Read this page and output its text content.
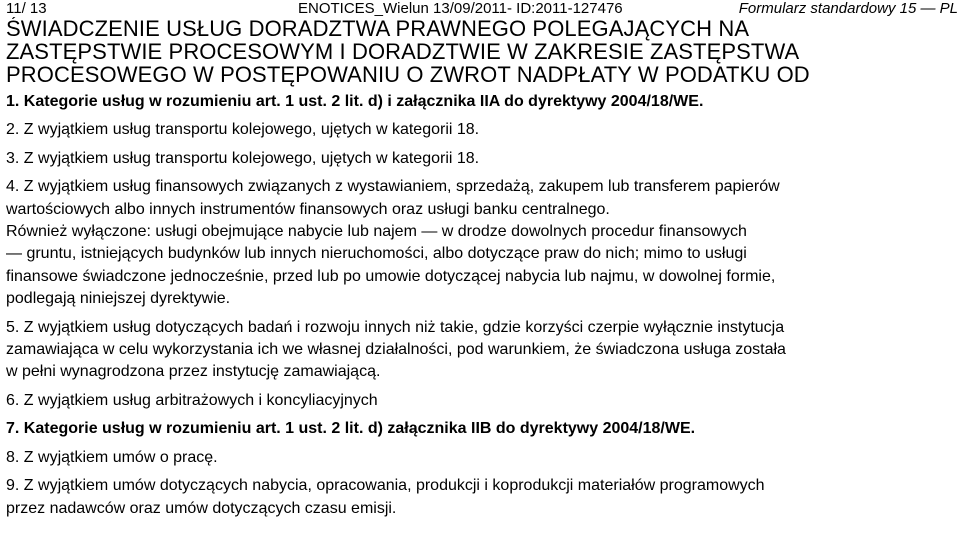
11/ 13	ENOTICES_Wielun 13/09/2011- ID:2011-127476	Formularz standardowy 15 — PL
ŚWIADCZENIE USŁUG DORADZTWA PRAWNEGO POLEGAJĄCYCH NA
ZASTĘPSTWIE PROCESOWYM I DORADZTWIE W ZAKRESIE ZASTĘPSTWA
PROCESOWEGO W POSTĘPOWANIU O ZWROT NADPŁATY W PODATKU OD

1. Kategorie usług w rozumieniu art. 1 ust. 2 lit. d) i załącznika IIA do dyrektywy 2004/18/WE.

2. Z wyjątkiem usług transportu kolejowego, ujętych w kategorii 18.

3. Z wyjątkiem usług transportu kolejowego, ujętych w kategorii 18.

4. Z wyjątkiem usług finansowych związanych z wystawianiem, sprzedażą, zakupem lub transferem papierów
wartościowych albo innych instrumentów finansowych oraz usługi banku centralnego.
Również wyłączone: usługi obejmujące nabycie lub najem — w drodze dowolnych procedur finansowych
— gruntu, istniejących budynków lub innych nieruchomości, albo dotyczące praw do nich; mimo to usługi
finansowe świadczone jednocześnie, przed lub po umowie dotyczącej nabycia lub najmu, w dowolnej formie,
podlegają niniejszej dyrektywie.
5. Z wyjątkiem usług dotyczących badań i rozwoju innych niż takie, gdzie korzyści czerpie wyłącznie instytucja
zamawiająca w celu wykorzystania ich we własnej działalności, pod warunkiem, że świadczona usługa została
w pełni wynagrodzona przez instytucję zamawiającą.

6. Z wyjątkiem usług arbitrażowych i koncyliacyjnych

7. Kategorie usług w rozumieniu art. 1 ust. 2 lit. d) załącznika IIB do dyrektywy 2004/18/WE.

8. Z wyjątkiem umów o pracę.

9. Z wyjątkiem umów dotyczących nabycia, opracowania, produkcji i koprodukcji materiałów programowych
przez nadawców oraz umów dotyczących czasu emisji.
